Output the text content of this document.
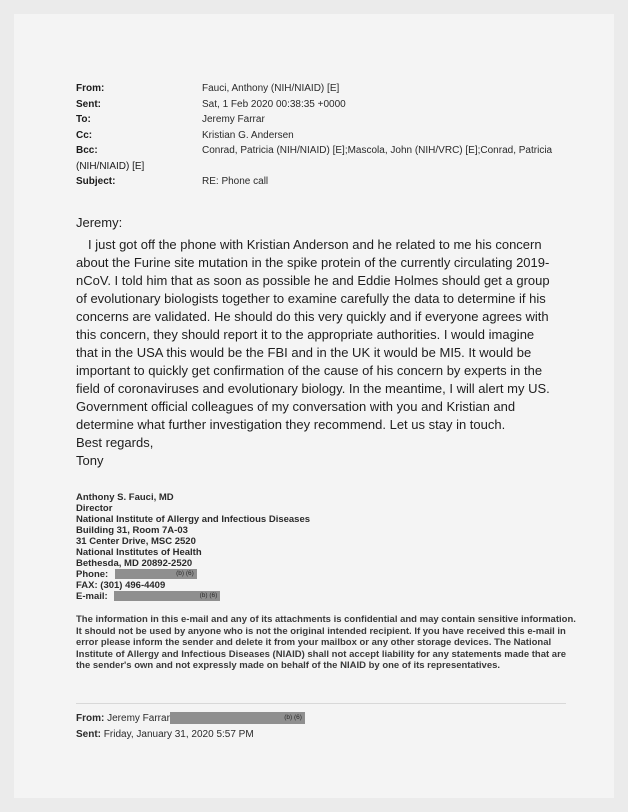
From:	Fauci, Anthony (NIH/NIAID) [E]
Sent:	Sat, 1 Feb 2020 00:38:35 +0000
To:	Jeremy Farrar
Cc:	Kristian G. Andersen
Bcc:	Conrad, Patricia (NIH/NIAID) [E];Mascola, John (NIH/VRC) [E];Conrad, Patricia
(NIH/NIAID) [E]
Subject:	RE: Phone call

Jeremy:

I just got off the phone with Kristian Anderson and he related to me his concern about the Furine site mutation in the spike protein of the currently circulating 2019-nCoV. I told him that as soon as possible he and Eddie Holmes should get a group of evolutionary biologists together to examine carefully the data to determine if his concerns are validated. He should do this very quickly and if everyone agrees with this concern, they should report it to the appropriate authorities. I would imagine that in the USA this would be the FBI and in the UK it would be MI5. It would be important to quickly get confirmation of the cause of his concern by experts in the field of coronaviruses and evolutionary biology. In the meantime, I will alert my US. Government official colleagues of my conversation with you and Kristian and determine what further investigation they recommend. Let us stay in touch.

Best regards,

Tony

Anthony S. Fauci, MD
Director
National Institute of Allergy and Infectious Diseases
Building 31, Room 7A-03
31 Center Drive, MSC 2520
National Institutes of Health
Bethesda, MD 20892-2520
Phone:	(b) (6)
FAX: (301) 496-4409
E-mail:	(b) (6)
The information in this e-mail and any of its attachments is confidential and may contain sensitive information. It should not be used by anyone who is not the original intended recipient. If you have received this e-mail in error please inform the sender and delete it from your mailbox or any other storage devices. The National Institute of Allergy and Infectious Diseases (NIAID) shall not accept liability for any statements made that are the sender's own and not expressly made on behalf of the NIAID by one of its representatives.
From: Jeremy Farrar	(b) (6)
Sent: Friday, January 31, 2020 5:57 PM
